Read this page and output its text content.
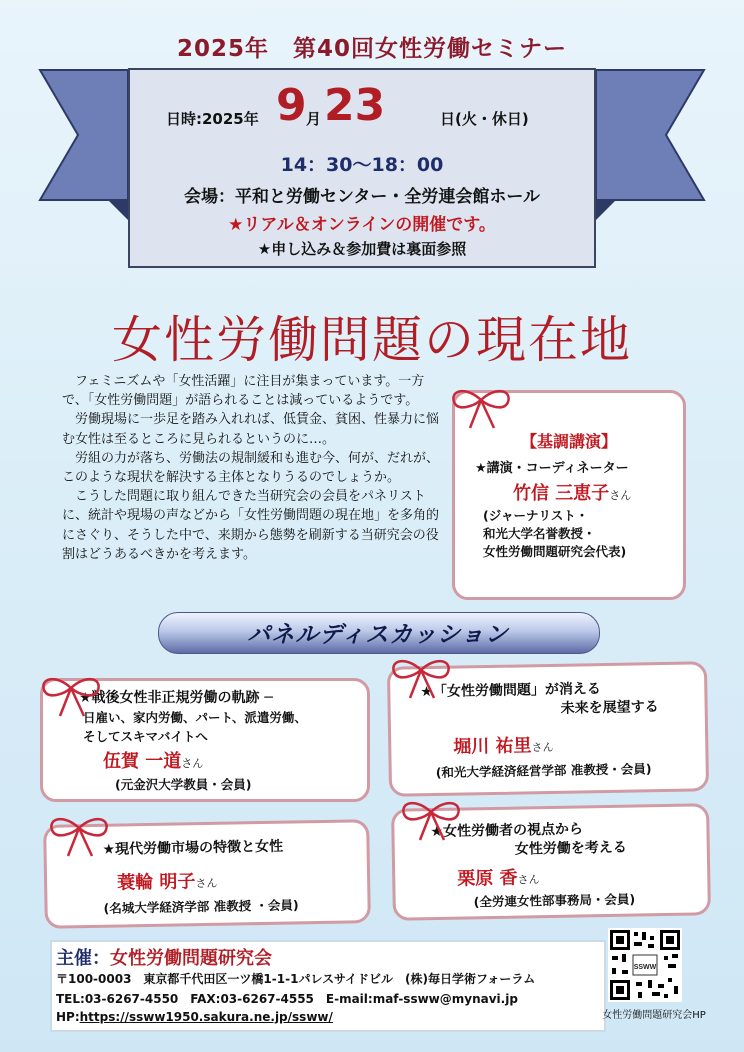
2025年　第40回女性労働セミナー
日時:2025年 9 月 23	日(火・休日)
14：30～18：00
会場：平和と労働センター・全労連会館ホール
★リアル＆オンラインの開催です。
★申し込み＆参加費は裏面参照
女性労働問題の現在地

フェミニズムや「女性活躍」に注目が集まっています。一方で、「女性労働問題」が語られることは減っているようです。

労働現場に一歩足を踏み入れれば、低賃金、貧困、性暴力に悩む女性は至るところに見られるというのに…。

労組の力が落ち、労働法の規制緩和も進む今、何が、だれが、このような現状を解決する主体となりうるのでしょうか。

こうした問題に取り組んできた当研究会の会員をパネリストに、統計や現場の声などから「女性労働問題の現在地」を多角的にさぐり、そうした中で、来期から態勢を刷新する当研究会の役割はどうあるべきかを考えます。

【基調講演】
★講演・コーディネーター
竹信 三恵子さん
(ジャーナリスト・
和光大学名誉教授・
女性労働問題研究会代表)
パネルディスカッション
★戦後女性非正規労働の軌跡 ─
日雇い、家内労働、パート、派遣労働、
そしてスキマバイトへ
伍賀 一道さん
(元金沢大学教員・会員)
★「女性労働問題」が消える
未来を展望する
堀川 祐里さん
(和光大学経済経営学部 准教授・会員)
★現代労働市場の特徴と女性
蓑輪 明子さん
(名城大学経済学部 准教授 ・会員)
★女性労働者の視点から
女性労働を考える
栗原 香さん
(全労連女性部事務局・会員)
主催：女性労働問題研究会
〒100-0003　東京都千代田区一ツ橋1-1-1パレスサイドビル　(株)毎日学術フォーラム
TEL:03-6267-4550　FAX:03-6267-4555　E-mail:maf-ssww@mynavi.jp
HP:https://ssww1950.sakura.ne.jp/ssww/
SSWW
女性労働問題研究会HP
